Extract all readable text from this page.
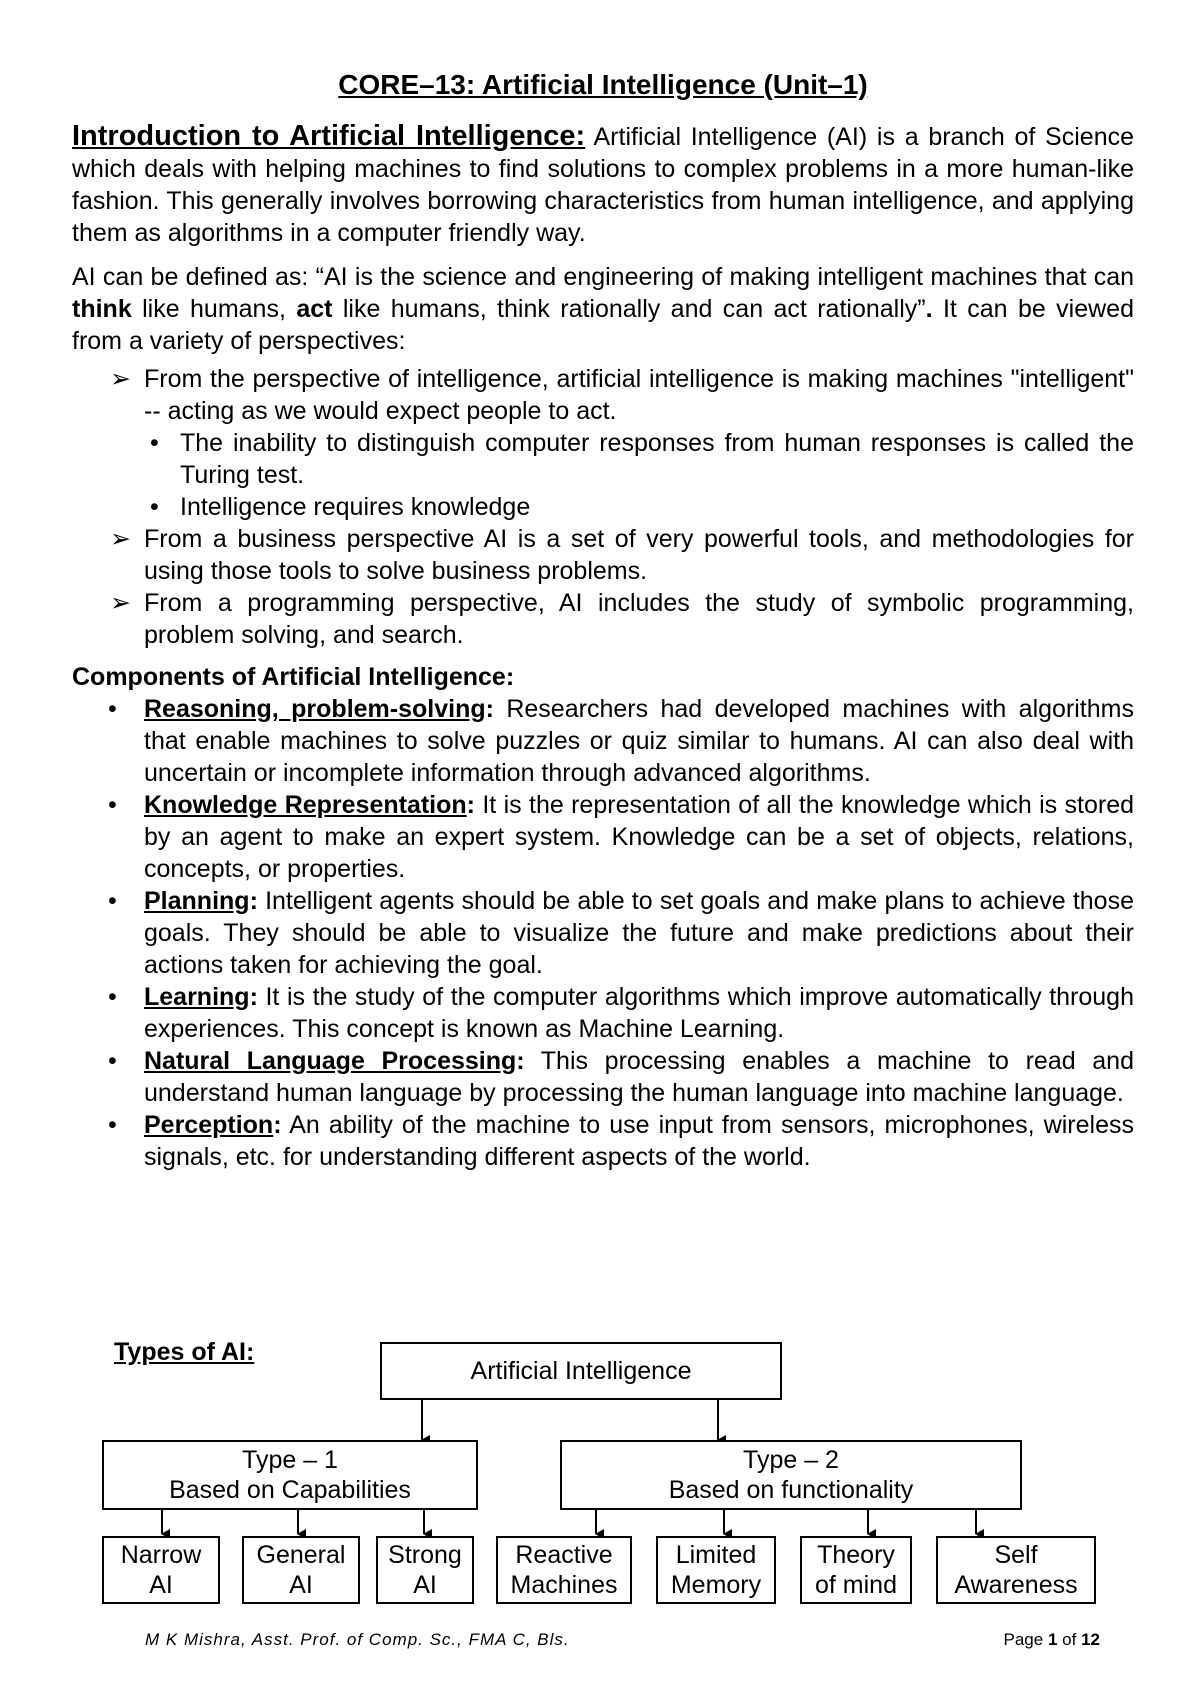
CORE–13: Artificial Intelligence (Unit–1)

Introduction to Artificial Intelligence: Artificial Intelligence (AI) is a branch of Science which deals with helping machines to find solutions to complex problems in a more human-like fashion. This generally involves borrowing characteristics from human intelligence, and applying them as algorithms in a computer friendly way.

AI can be defined as: “AI is the science and engineering of making intelligent machines that can think like humans, act like humans, think rationally and can act rationally”. It can be viewed from a variety of perspectives:

➢ From the perspective of intelligence, artificial intelligence is making machines "intelligent" -- acting as we would expect people to act.
• The inability to distinguish computer responses from human responses is called the Turing test.
• Intelligence requires knowledge
➢ From a business perspective AI is a set of very powerful tools, and methodologies for using those tools to solve business problems.
➢ From a programming perspective, AI includes the study of symbolic programming, problem solving, and search.
Components of Artificial Intelligence:
• Reasoning, problem-solving: Researchers had developed machines with algorithms that enable machines to solve puzzles or quiz similar to humans. AI can also deal with uncertain or incomplete information through advanced algorithms.
• Knowledge Representation: It is the representation of all the knowledge which is stored by an agent to make an expert system. Knowledge can be a set of objects, relations, concepts, or properties.
• Planning: Intelligent agents should be able to set goals and make plans to achieve those goals. They should be able to visualize the future and make predictions about their actions taken for achieving the goal.
• Learning: It is the study of the computer algorithms which improve automatically through experiences. This concept is known as Machine Learning.
• Natural Language Processing: This processing enables a machine to read and understand human language by processing the human language into machine language.
• Perception: An ability of the machine to use input from sensors, microphones, wireless signals, etc. for understanding different aspects of the world.
Types of AI:
Artificial Intelligence
Type – 1
Based on Capabilities
Type – 2
Based on functionality
Narrow
AI
General
AI
Strong
AI
Reactive
Machines
Limited
Memory
Theory
of mind
Self
Awareness
M K Mishra, Asst. Prof. of Comp. Sc., FMA C, Bls.	Page 1 of 12
